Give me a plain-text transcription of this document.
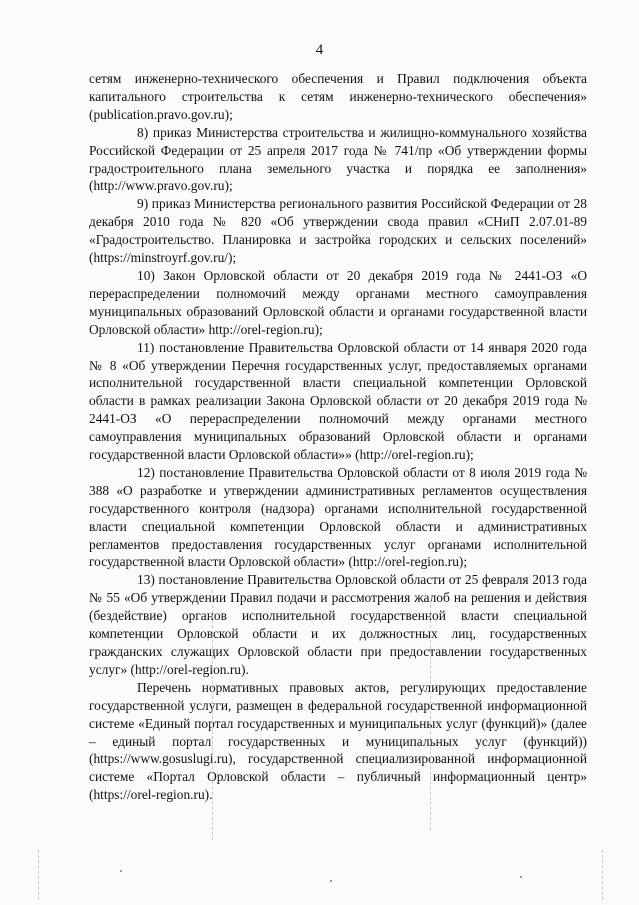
4

сетям инженерно-технического обеспечения и Правил подключения объекта капитального строительства к сетям инженерно-технического обеспечения» (publication.pravo.gov.ru);

8) приказ Министерства строительства и жилищно-коммунального хозяйства Российской Федерации от 25 апреля 2017 года № 741/пр «Об утверждении формы градостроительного плана земельного участка и порядка ее заполнения» (http://www.pravo.gov.ru);

9) приказ Министерства регионального развития Российской Федерации от 28 декабря 2010 года № 820 «Об утверждении свода правил «СНиП 2.07.01-89 «Градостроительство. Планировка и застройка городских и сельских поселений» (https://minstroyrf.gov.ru/);

10) Закон Орловской области от 20 декабря 2019 года № 2441-ОЗ «О перераспределении полномочий между органами местного самоуправления муниципальных образований Орловской области и органами государственной власти Орловской области» http://orel-region.ru);

11) постановление Правительства Орловской области от 14 января 2020 года № 8 «Об утверждении Перечня государственных услуг, предоставляемых органами исполнительной государственной власти специальной компетенции Орловской области в рамках реализации Закона Орловской области от 20 декабря 2019 года № 2441-ОЗ «О перераспределении полномочий между органами местного самоуправления муниципальных образований Орловской области и органами государственной власти Орловской области»» (http://orel-region.ru);

12) постановление Правительства Орловской области от 8 июля 2019 года № 388 «О разработке и утверждении административных регламентов осуществления государственного контроля (надзора) органами исполнительной государственной власти специальной компетенции Орловской области и административных регламентов предоставления государственных услуг органами исполнительной государственной власти Орловской области» (http://orel-region.ru);

13) постановление Правительства Орловской области от 25 февраля 2013 года № 55 «Об утверждении Правил подачи и рассмотрения жалоб на решения и действия (бездействие) органов исполнительной государственной власти специальной компетенции Орловской области и их должностных лиц, государственных гражданских служащих Орловской области при предоставлении государственных услуг» (http://orel-region.ru).

Перечень нормативных правовых актов, регулирующих предоставление государственной услуги, размещен в федеральной государственной информационной системе «Единый портал государственных и муниципальных услуг (функций)» (далее – единый портал государственных и муниципальных услуг (функций)) (https://www.gosuslugi.ru), государственной специализированной информационной системе «Портал Орловской области – публичный информационный центр» (https://orel-region.ru).
